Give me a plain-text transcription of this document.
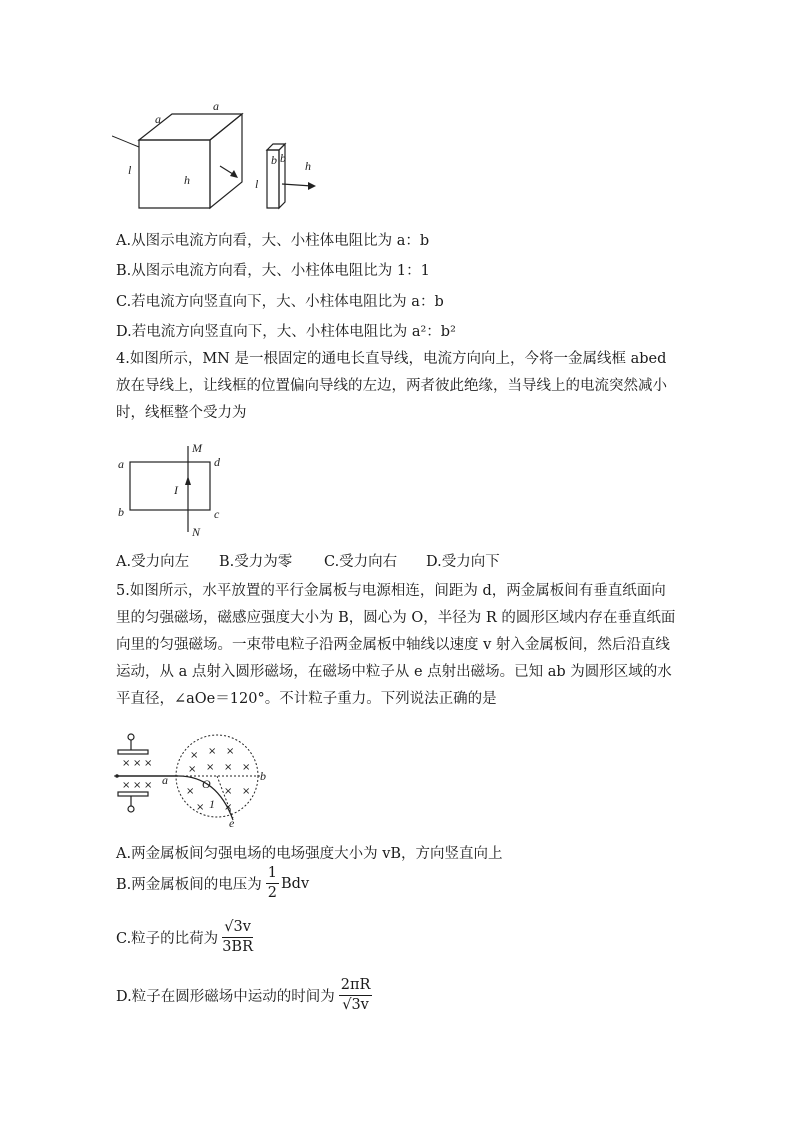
a
a
l
h
b b
l
h
A.从图示电流方向看，大、小柱体电阻比为 a：b
B.从图示电流方向看，大、小柱体电阻比为 1：1
C.若电流方向竖直向下，大、小柱体电阻比为 a：b
D.若电流方向竖直向下，大、小柱体电阻比为 a²：b²
4.如图所示，MN 是一根固定的通电长直导线，电流方向向上，今将一金属线框 abed 放在导线上，让线框的位置偏向导线的左边，两者彼此绝缘，当导线上的电流突然减小时，线框整个受力为
a
b	c
d
M
N
I
A.受力向左 B.受力为零 C.受力向右 D.受力向下
5.如图所示，水平放置的平行金属板与电源相连，间距为 d，两金属板间有垂直纸面向里的匀强磁场，磁感应强度大小为 B，圆心为 O，半径为 R 的圆形区域内存在垂直纸面向里的匀强磁场。一束带电粒子沿两金属板中轴线以速度 v 射入金属板间，然后沿直线运动，从 a 点射入圆形磁场，在磁场中粒子从 e 点射出磁场。已知 ab 为圆形区域的水平直径，∠aOe＝120°。不计粒子重力。下列说法正确的是
× × ×
× × ×
× × ×
× × × ×
×	× ×
× ×
a	b
O
1
e
A.两金属板间匀强电场的电场强度大小为 vB，方向竖直向上
B.两金属板间的电压为 $\frac{1}{2}$ Bdv
C.粒子的比荷为 $\frac{√3v}{3BR}$
D.粒子在圆形磁场中运动的时间为 $\frac{2\pi R}{√3v}$
